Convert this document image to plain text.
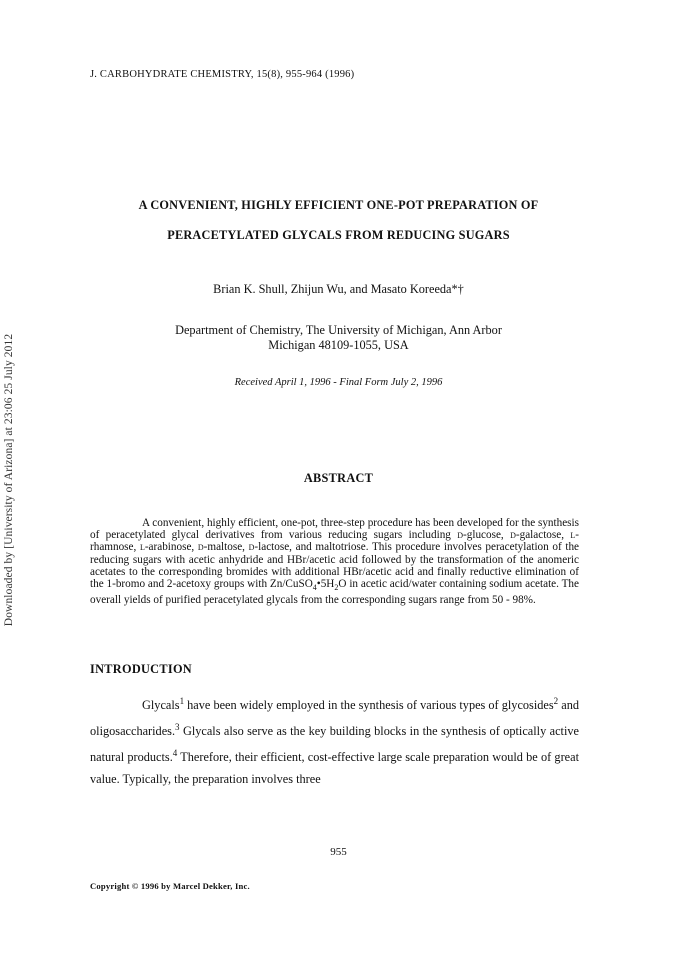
Downloaded by [University of Arizona] at 23:06 25 July 2012
J. CARBOHYDRATE CHEMISTRY, 15(8), 955-964 (1996)
A CONVENIENT, HIGHLY EFFICIENT ONE-POT PREPARATION OF
PERACETYLATED GLYCALS FROM REDUCING SUGARS
Brian K. Shull, Zhijun Wu, and Masato Koreeda*†
Department of Chemistry, The University of Michigan, Ann Arbor
Michigan 48109-1055, USA
Received April 1, 1996 - Final Form July 2, 1996
ABSTRACT
A convenient, highly efficient, one-pot, three-step procedure has been developed for the synthesis of peracetylated glycal derivatives from various reducing sugars including d-glucose, d-galactose, l-rhamnose, l-arabinose, d-maltose, d-lactose, and maltotriose. This procedure involves peracetylation of the reducing sugars with acetic anhydride and HBr/acetic acid followed by the transformation of the anomeric acetates to the corresponding bromides with additional HBr/acetic acid and finally reductive elimination of the 1-bromo and 2-acetoxy groups with $Zn/CuSO_4•5H_2O$ in acetic acid/water containing sodium acetate. The overall yields of purified peracetylated glycals from the corresponding sugars range from 50 - 98%.
INTRODUCTION
Glycals$^1$ have been widely employed in the synthesis of various types of glycosides$^2$ and oligosaccharides.$^3$ Glycals also serve as the key building blocks in the synthesis of optically active natural products.$^4$ Therefore, their efficient, cost-effective large scale preparation would be of great value. Typically, the preparation involves three
955
Copyright © 1996 by Marcel Dekker, Inc.
